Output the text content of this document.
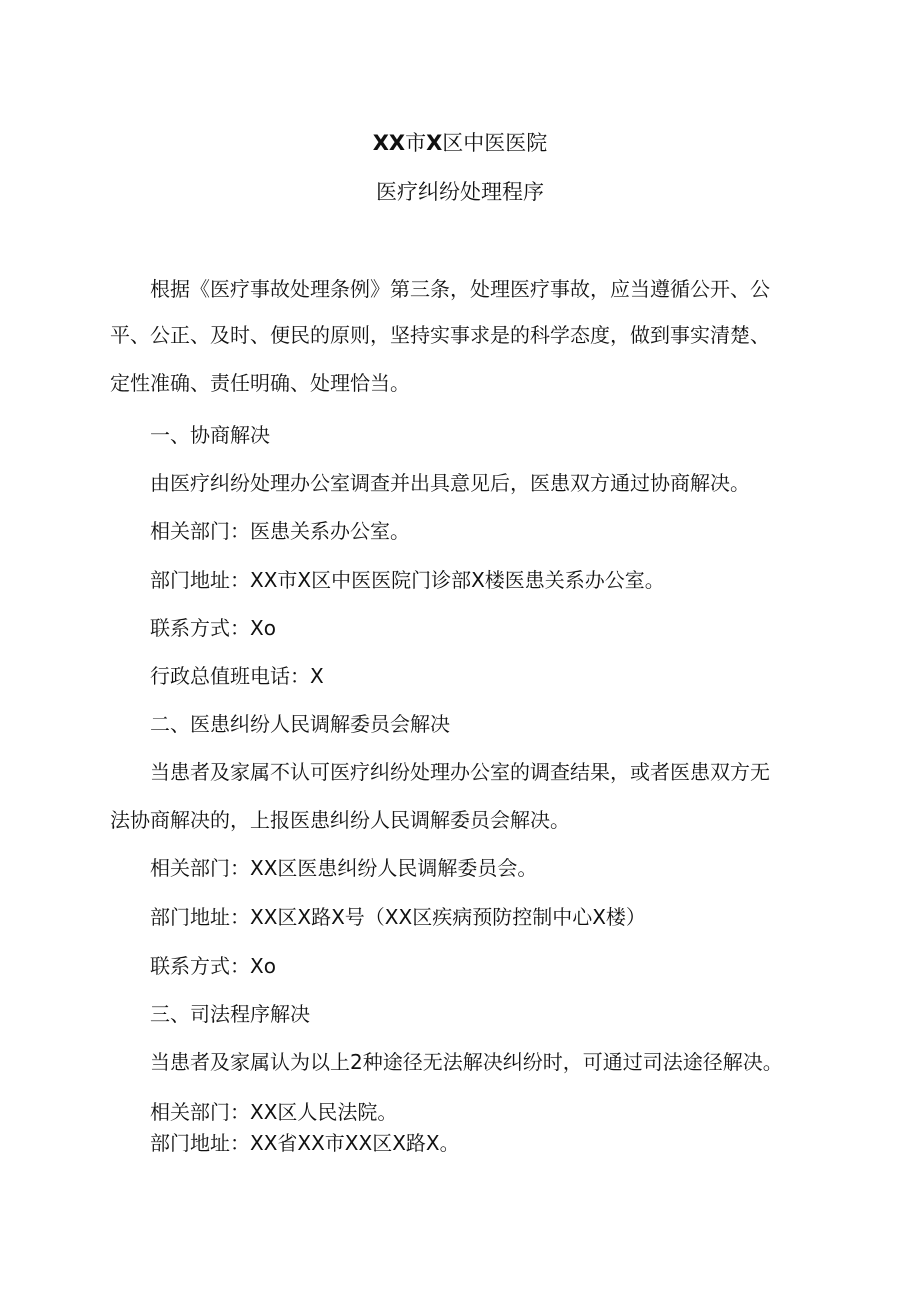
XX市X区中医医院
医疗纠纷处理程序
根据《医疗事故处理条例》第三条，处理医疗事故，应当遵循公开、公
平、公正、及时、便民的原则，坚持实事求是的科学态度，做到事实清楚、
定性准确、责任明确、处理恰当。
一、协商解决
由医疗纠纷处理办公室调查并出具意见后，医患双方通过协商解决。
相关部门：医患关系办公室。
部门地址：XX市X区中医医院门诊部X楼医患关系办公室。
联系方式：Xo
行政总值班电话：X
二、医患纠纷人民调解委员会解决
当患者及家属不认可医疗纠纷处理办公室的调查结果，或者医患双方无
法协商解决的，上报医患纠纷人民调解委员会解决。
相关部门：XX区医患纠纷人民调解委员会。
部门地址：XX区X路X号（XX区疾病预防控制中心X楼）
联系方式：Xo
三、司法程序解决
当患者及家属认为以上2种途径无法解决纠纷时，可通过司法途径解决。
相关部门：XX区人民法院。
部门地址：XX省XX市XX区X路X。
